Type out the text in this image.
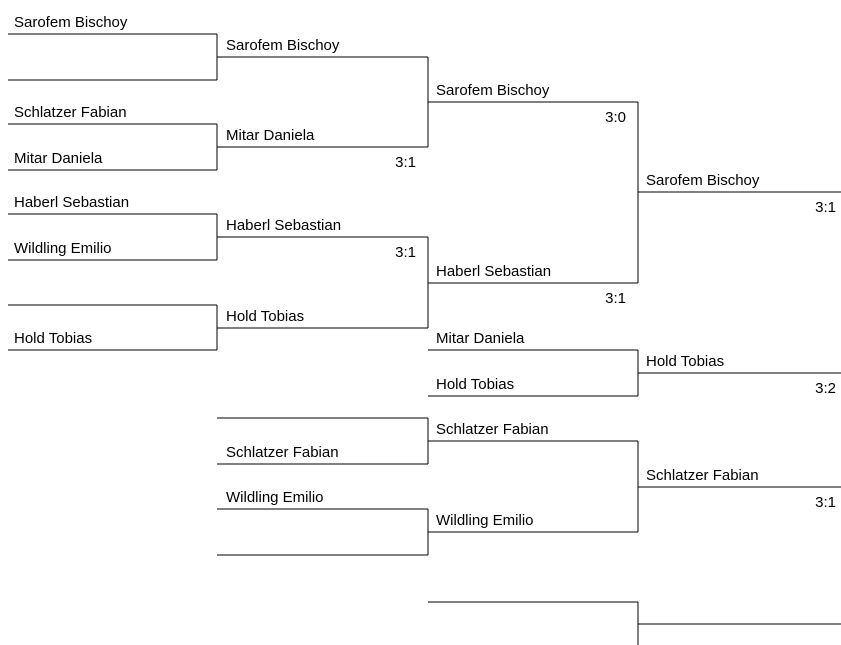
Sarofem Bischoy
Schlatzer Fabian
Mitar Daniela
Haberl Sebastian
Wildling Emilio
Hold Tobias
Sarofem Bischoy
Mitar Daniela
3:1
Haberl Sebastian
3:1
Hold Tobias
Sarofem Bischoy
3:0
Haberl Sebastian
3:1
Sarofem Bischoy
3:1
Mitar Daniela
Hold Tobias
Hold Tobias
3:2
Schlatzer Fabian
Wildling Emilio
Schlatzer Fabian
Wildling Emilio
Schlatzer Fabian
3:1
